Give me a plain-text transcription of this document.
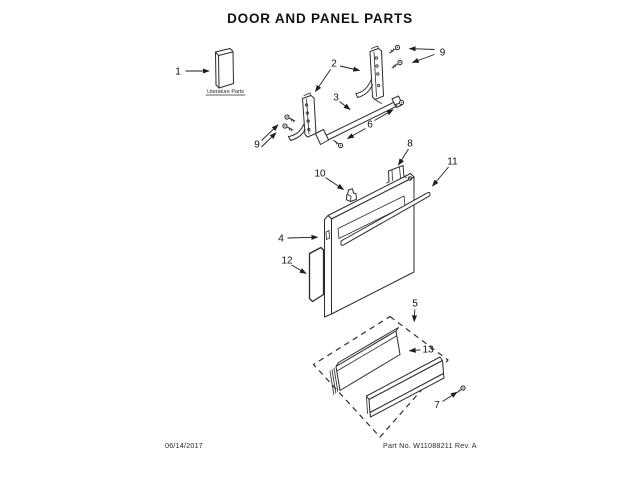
DOOR AND PANEL PARTS
Literature Parts
1
2
3
4
5
6
7
8
9
9
10
11
12
13
06/14/2017	Part No. W11088211 Rev. A
